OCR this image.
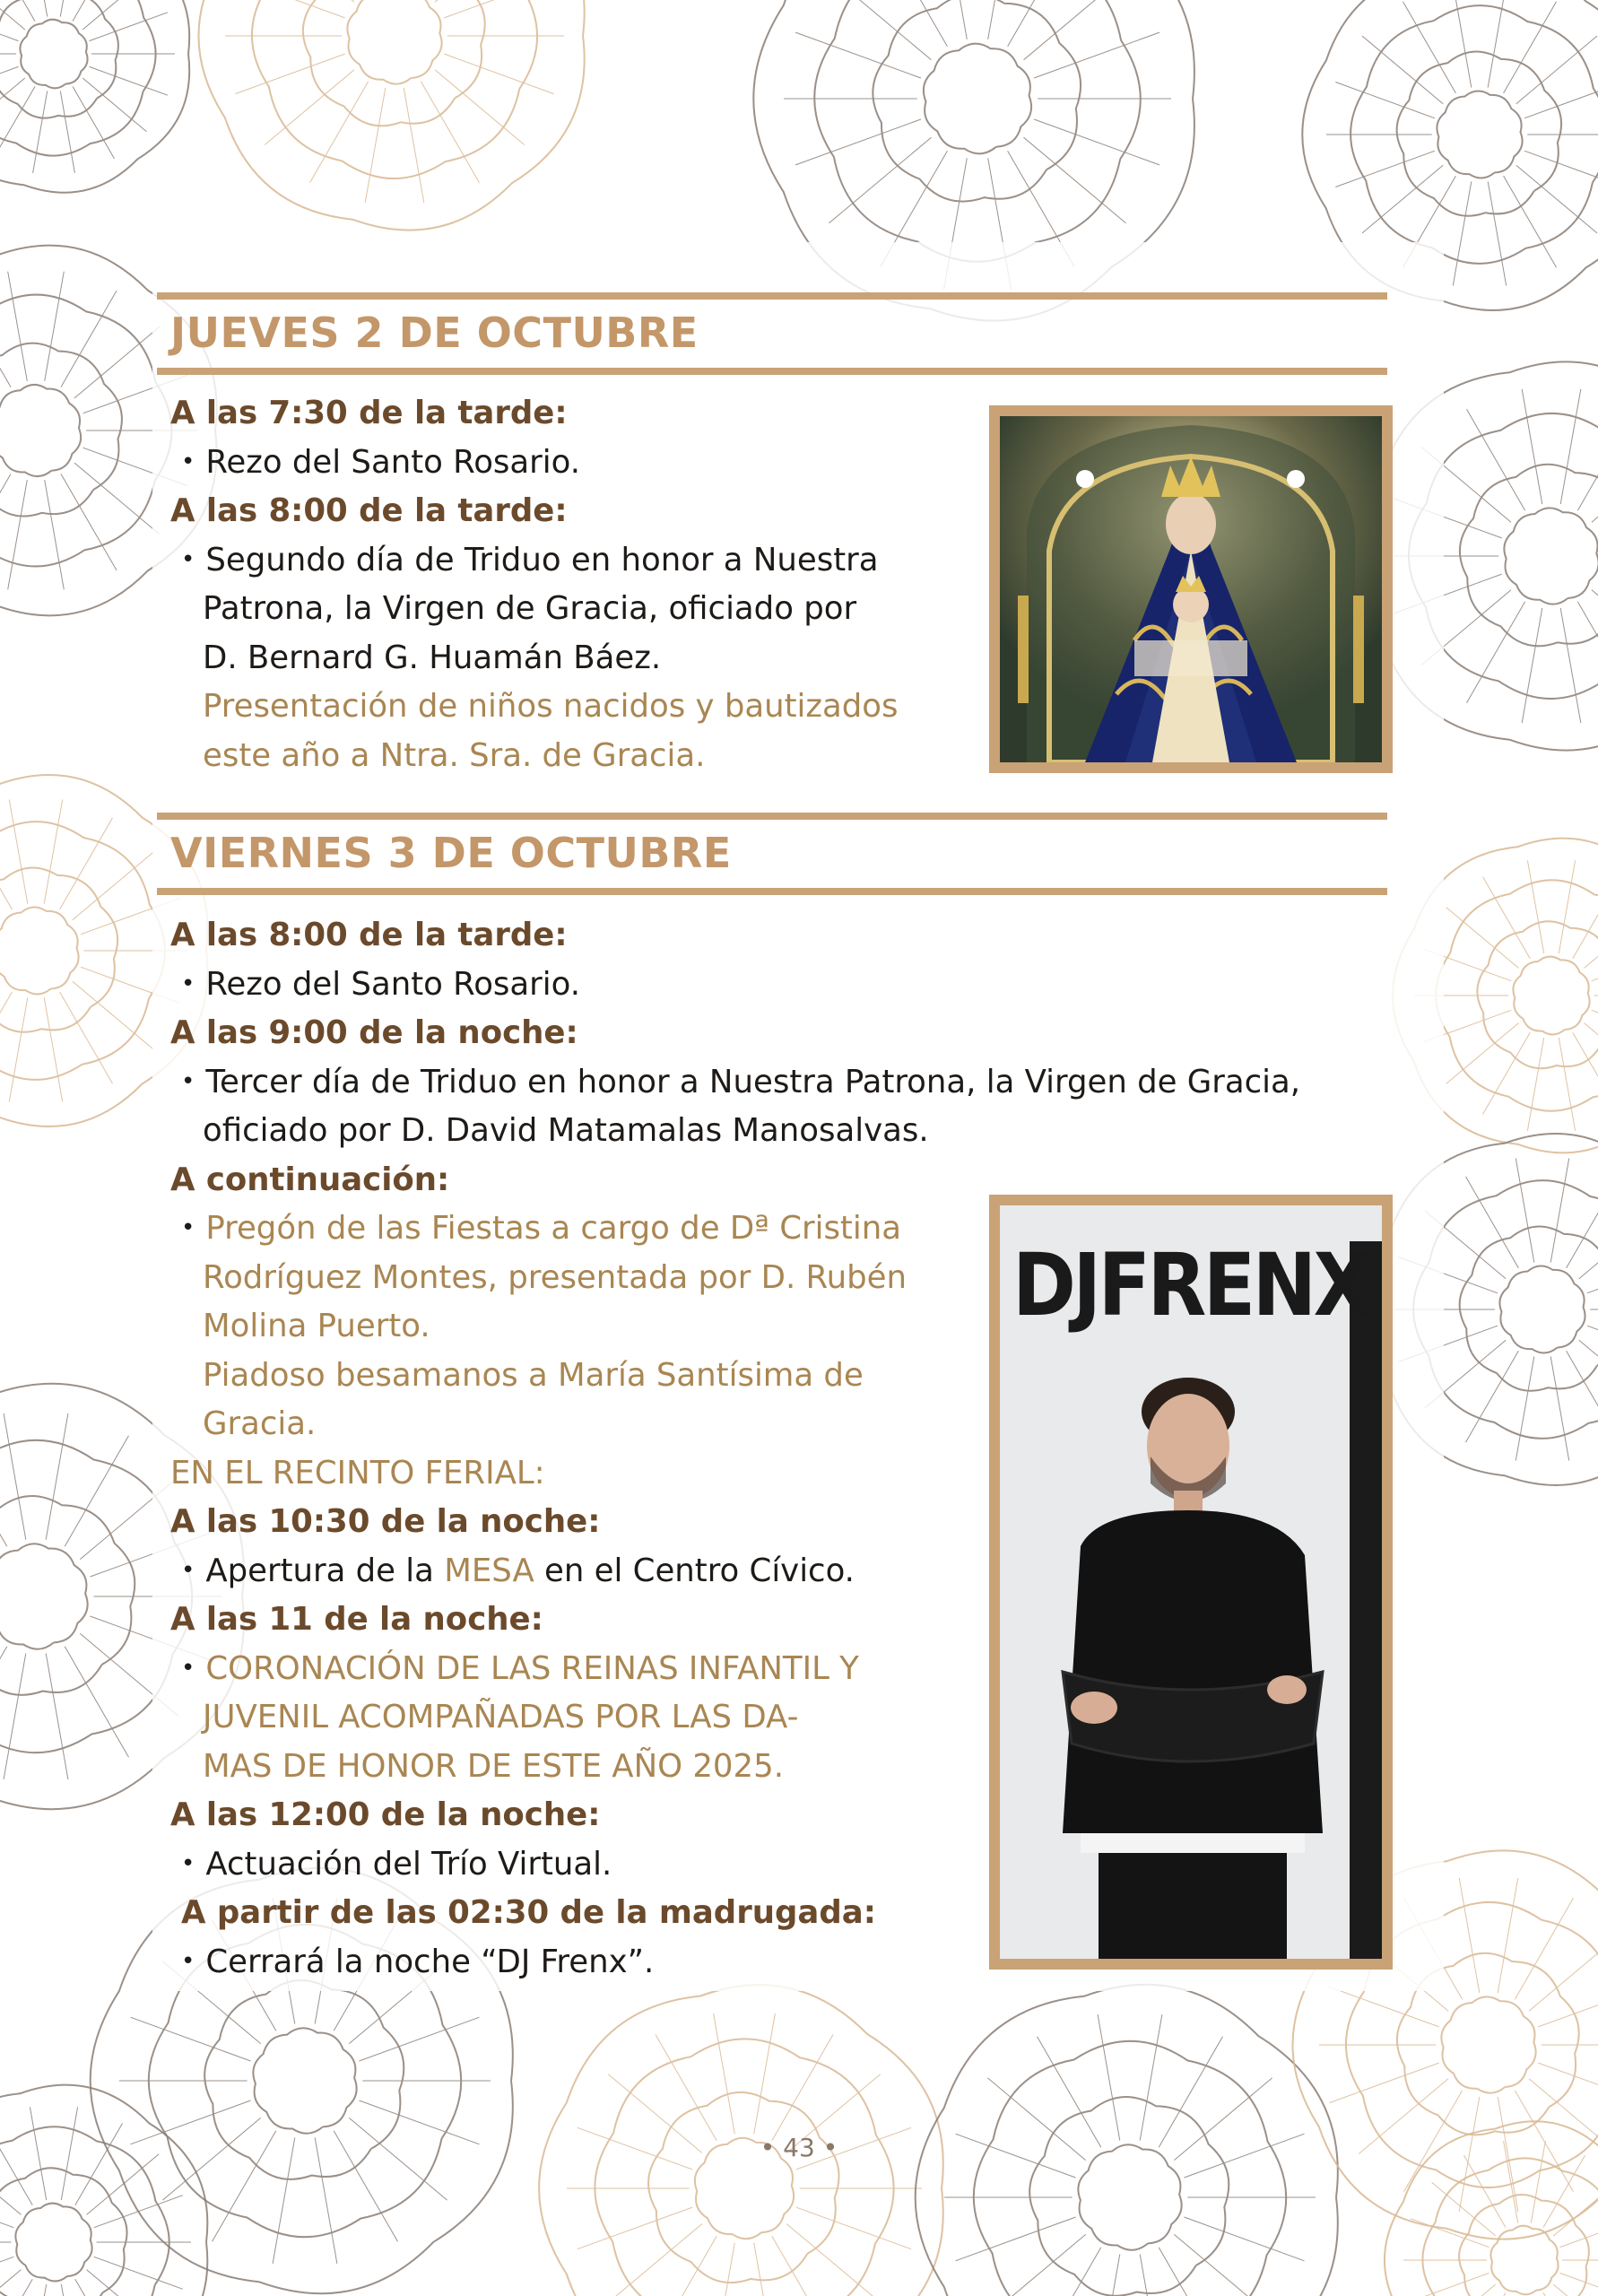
JUEVES 2 DE OCTUBRE
A las 7:30 de la tarde:
• Rezo del Santo Rosario.
A las 8:00 de la tarde:
• Segundo día de Triduo en honor a Nuestra
Patrona, la Virgen de Gracia, oficiado por
D. Bernard G. Huamán Báez.
Presentación de niños nacidos y bautizados
este año a Ntra. Sra. de Gracia.
VIERNES 3 DE OCTUBRE
A las 8:00 de la tarde:
• Rezo del Santo Rosario.
A las 9:00 de la noche:
• Tercer día de Triduo en honor a Nuestra Patrona, la Virgen de Gracia,
oficiado por D. David Matamalas Manosalvas.
A continuación:
• Pregón de las Fiestas a cargo de Dª Cristina
Rodríguez Montes, presentada por D. Rubén
Molina Puerto.
Piadoso besamanos a María Santísima de
Gracia.
EN EL RECINTO FERIAL:
A las 10:30 de la noche:
• Apertura de la MESA en el Centro Cívico.
A las 11 de la noche:
• CORONACIÓN DE LAS REINAS INFANTIL Y
JUVENIL ACOMPAÑADAS POR LAS DA-
MAS DE HONOR DE ESTE AÑO 2025.
A las 12:00 de la noche:
• Actuación del Trío Virtual.
A partir de las 02:30 de la madrugada:
• Cerrará la noche “DJ Frenx”.
DJFRENX
• 43 •
